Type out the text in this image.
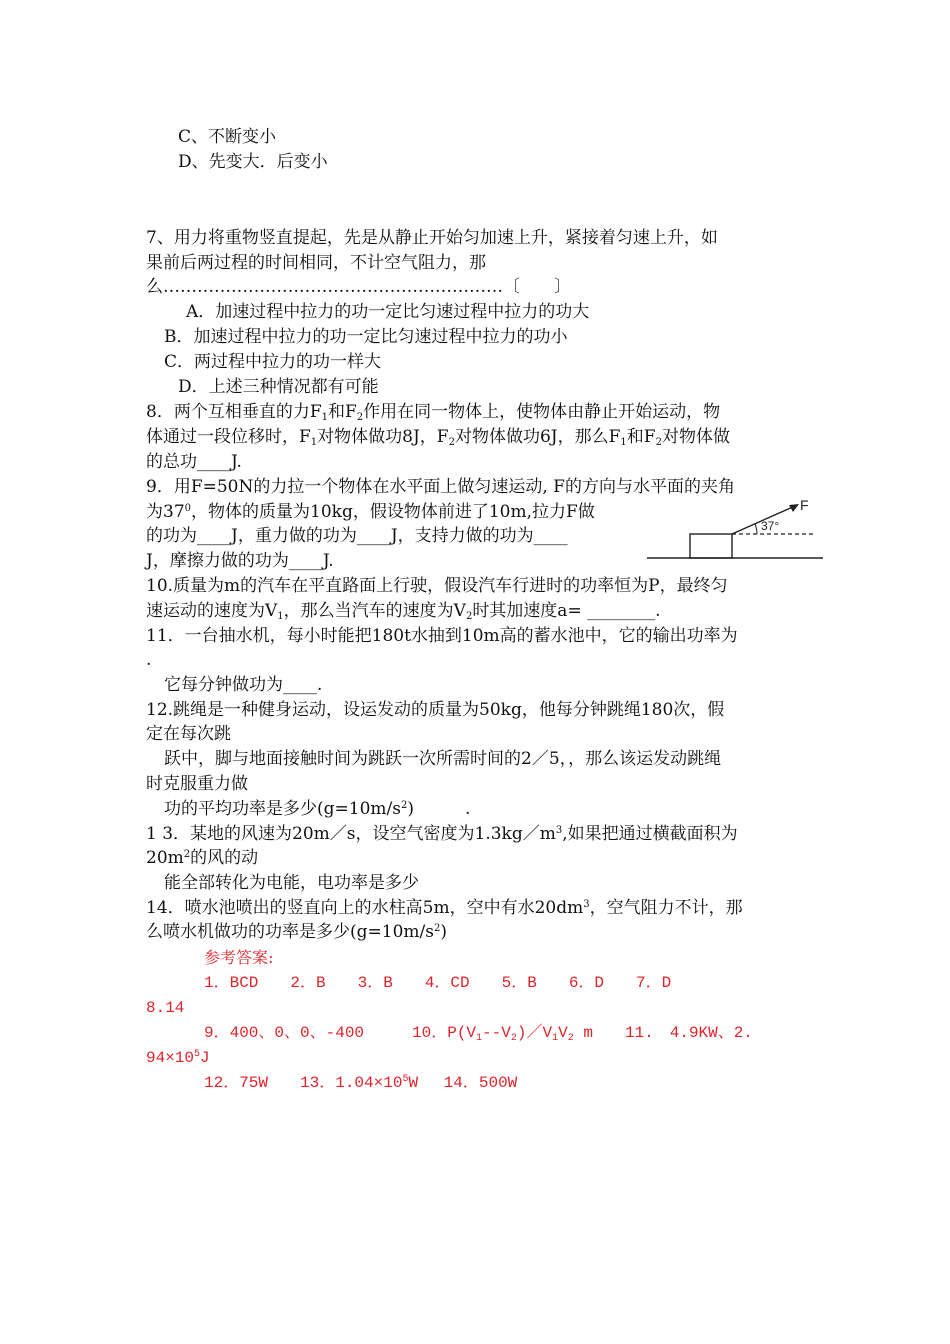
C、不断变小
D、先变大．后变小
7、用力将重物竖直提起，先是从静止开始匀加速上升，紧接着匀速上升，如
果前后两过程的时间相同，不计空气阻力，那
么……………………………………………………〔　　〕
A．加速过程中拉力的功一定比匀速过程中拉力的功大
B．加速过程中拉力的功一定比匀速过程中拉力的功小
C．两过程中拉力的功一样大
D．上述三种情况都有可能
8．两个互相垂直的力$F_1$和$F_2$作用在同一物体上，使物体由静止开始运动，物
体通过一段位移时，$F_1$对物体做功8J，$F_2$对物体做功6J，那么$F_1$和$F_2$对物体做
的总功____J.
9．用F=50N的力拉一个物体在水平面上做匀速运动, F的方向与水平面的夹角
为$37^0$，物体的质量为10kg，假设物体前进了10m,拉力F做
的功为____J，重力做的功为____J，支持力做的功为____
J，摩擦力做的功为____J.
F
37°
10.质量为m的汽车在平直路面上行驶，假设汽车行进时的功率恒为P，最终匀
速运动的速度为$V_1$，那么当汽车的速度为$V_2$时其加速度a= ________.
11．一台抽水机，每小时能把180t水抽到10m高的蓄水池中，它的输出功率为
.
它每分钟做功为____.
12.跳绳是一种健身运动，设运发动的质量为50kg，他每分钟跳绳180次，假
定在每次跳
跃中，脚与地面接触时间为跳跃一次所需时间的2／5，，那么该运发动跳绳
时克服重力做
功的平均功率是多少$(g=10m/s^2)$　　　.
1 3．某地的风速为20m／s，设空气密度为$1.3kg/m^3$,如果把通过横截面积为
$20m^2$的风的动
能全部转化为电能，电功率是多少
14．喷水池喷出的竖直向上的水柱高5m，空中有水$20dm^3$，空气阻力不计，那
么喷水机做功的功率是多少$(g=10m/s^2)$
参考答案:
1．BCD　　2．B　　3．B　　4．CD　　5．B　　6．D　　7．D
8.14
9．400、0、0、-400　　　10．$P(V_1--V_2)/V_1V_2$ m　　11.　4.9KW、2.
$94\times 10^5J$
12．75W　　13．$1.04\times 10^5W$　 14．500W
